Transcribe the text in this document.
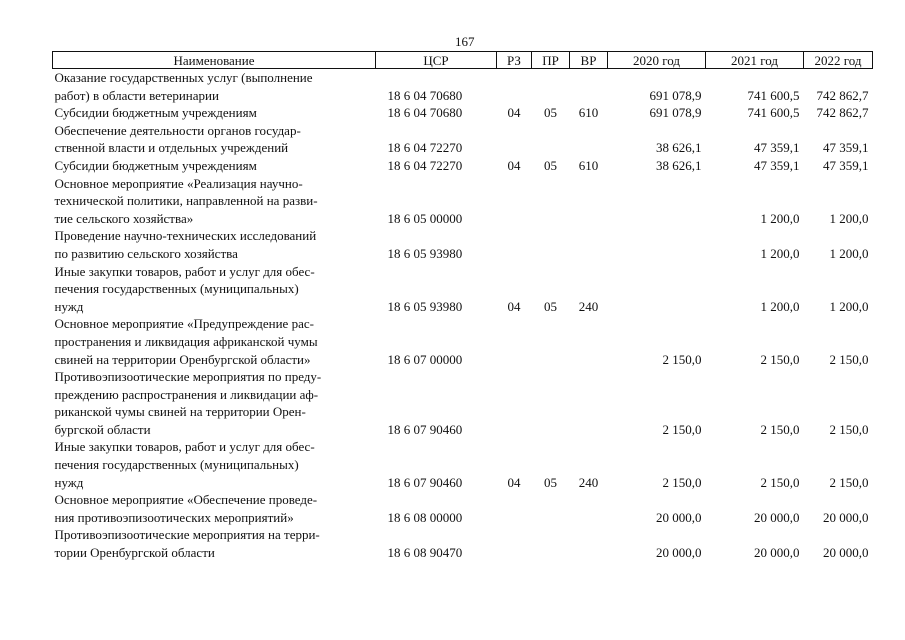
167
Наименование	ЦСР	РЗ	ПР	ВР	2020 год	2021 год	2022 год

Оказание государственных услуг (выполнение
работ) в области ветеринарии	18 6 04 70680				691 078,9	741 600,5	742 862,7

Субсидии бюджетным учреждениям	18 6 04 70680	04	05	610	691 078,9	741 600,5	742 862,7

Обеспечение деятельности органов государ-
ственной власти и отдельных учреждений	18 6 04 72270				38 626,1	47 359,1	47 359,1

Субсидии бюджетным учреждениям	18 6 04 72270	04	05	610	38 626,1	47 359,1	47 359,1

Основное мероприятие «Реализация научно-
технической политики, направленной на разви-
тие сельского хозяйства»	18 6 05 00000					1 200,0	1 200,0

Проведение научно-технических исследований
по развитию сельского хозяйства	18 6 05 93980					1 200,0	1 200,0

Иные закупки товаров, работ и услуг для обес-
печения государственных (муниципальных)
нужд	18 6 05 93980	04	05	240		1 200,0	1 200,0

Основное мероприятие «Предупреждение рас-
пространения и ликвидация африканской чумы
свиней на территории Оренбургской области»	18 6 07 00000				2 150,0	2 150,0	2 150,0

Противоэпизоотические мероприятия по преду-
преждению распространения и ликвидации аф-
риканской чумы свиней на территории Орен-
бургской области	18 6 07 90460				2 150,0	2 150,0	2 150,0

Иные закупки товаров, работ и услуг для обес-
печения государственных (муниципальных)
нужд	18 6 07 90460	04	05	240	2 150,0	2 150,0	2 150,0

Основное мероприятие «Обеспечение проведе-
ния противоэпизоотических мероприятий»	18 6 08 00000				20 000,0	20 000,0	20 000,0

Противоэпизоотические мероприятия на терри-
тории Оренбургской области	18 6 08 90470				20 000,0	20 000,0	20 000,0
